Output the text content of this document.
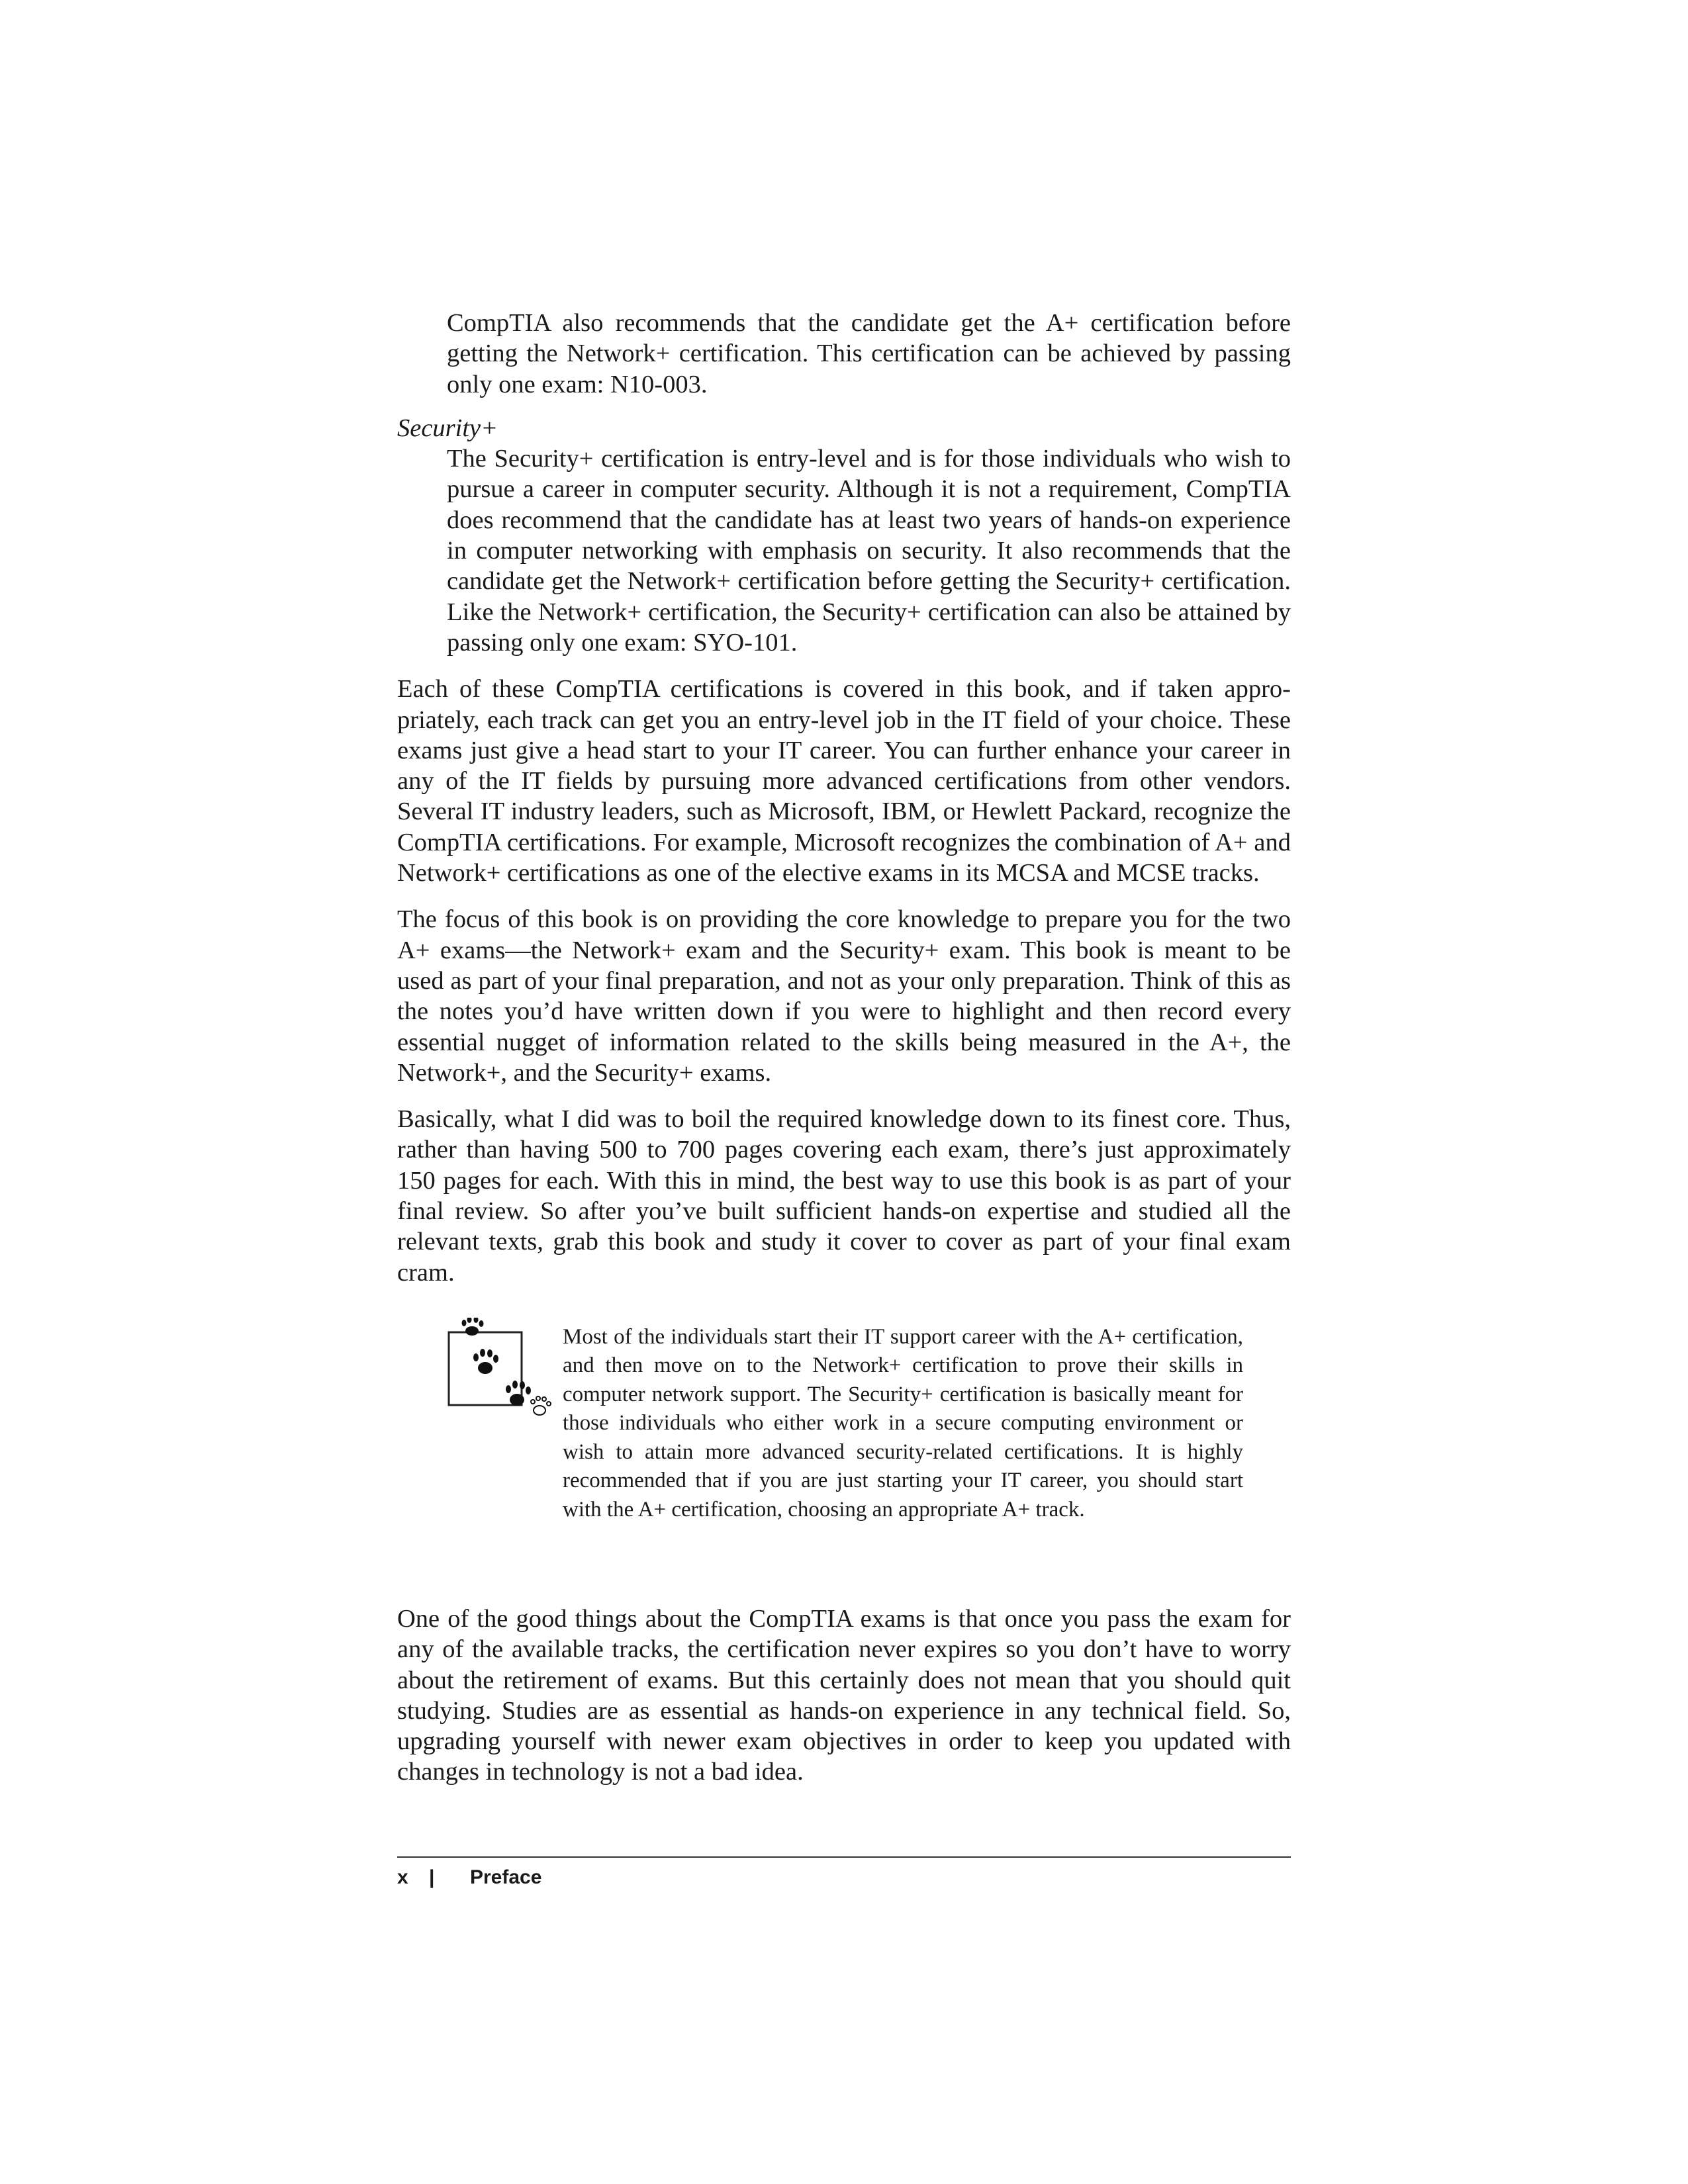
CompTIA also recommends that the candidate get the A+ certification before getting the Network+ certification. This certification can be achieved by passing only one exam: N10-003.

Security+

The Security+ certification is entry-level and is for those individuals who wish to pursue a career in computer security. Although it is not a requirement, CompTIA does recommend that the candidate has at least two years of hands-on experience in computer networking with emphasis on security. It also recommends that the candidate get the Network+ certification before getting the Security+ certification. Like the Network+ certification, the Security+ certification can also be attained by passing only one exam: SYO-101.

Each of these CompTIA certifications is covered in this book, and if taken appropriately, each track can get you an entry-level job in the IT field of your choice. These exams just give a head start to your IT career. You can further enhance your career in any of the IT fields by pursuing more advanced certifications from other vendors. Several IT industry leaders, such as Microsoft, IBM, or Hewlett Packard, recognize the CompTIA certifications. For example, Microsoft recognizes the combination of A+ and Network+ certifications as one of the elective exams in its MCSA and MCSE tracks.

The focus of this book is on providing the core knowledge to prepare you for the two A+ exams—the Network+ exam and the Security+ exam. This book is meant to be used as part of your final preparation, and not as your only preparation. Think of this as the notes you’d have written down if you were to highlight and then record every essential nugget of information related to the skills being measured in the A+, the Network+, and the Security+ exams.

Basically, what I did was to boil the required knowledge down to its finest core. Thus, rather than having 500 to 700 pages covering each exam, there’s just approximately 150 pages for each. With this in mind, the best way to use this book is as part of your final review. So after you’ve built sufficient hands-on expertise and studied all the relevant texts, grab this book and study it cover to cover as part of your final exam cram.

Most of the individuals start their IT support career with the A+ certification, and then move on to the Network+ certification to prove their skills in computer network support. The Security+ certification is basically meant for those individuals who either work in a secure computing environment or wish to attain more advanced security-related certifications. It is highly recommended that if you are just starting your IT career, you should start with the A+ certification, choosing an appropriate A+ track.

One of the good things about the CompTIA exams is that once you pass the exam for any of the available tracks, the certification never expires so you don’t have to worry about the retirement of exams. But this certainly does not mean that you should quit studying. Studies are as essential as hands-on experience in any technical field. So, upgrading yourself with newer exam objectives in order to keep you updated with changes in technology is not a bad idea.

x	|	Preface
